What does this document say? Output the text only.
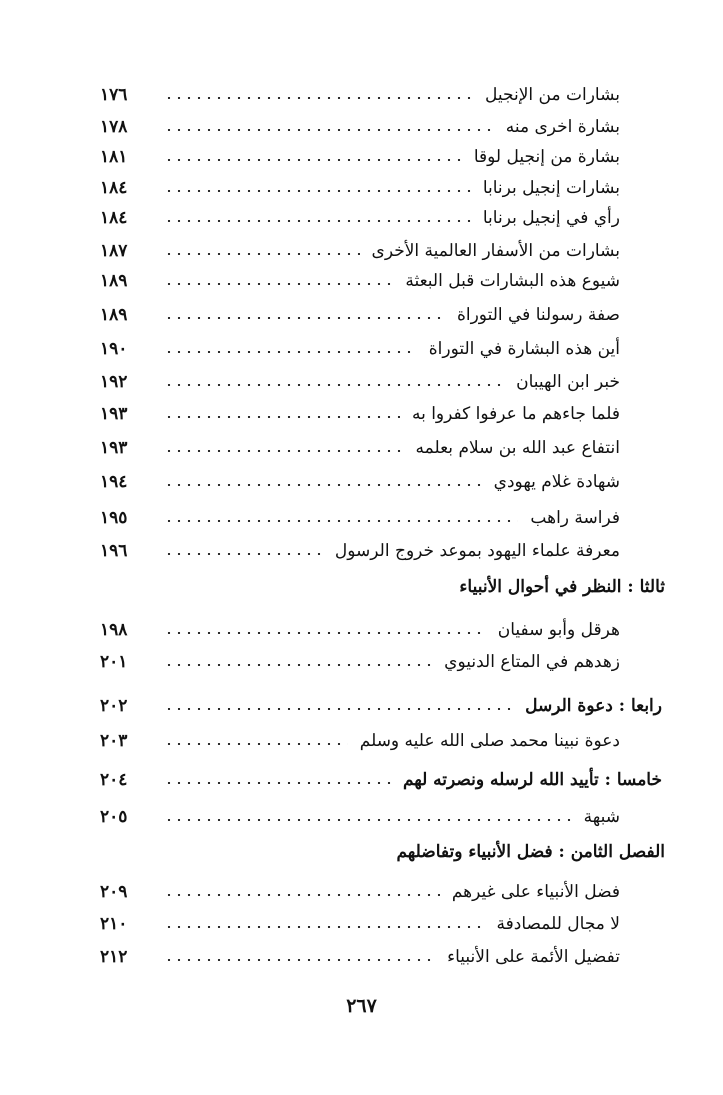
١٧٦	بشارات من الإنجيل
١٧٨	بشارة اخرى منه
١٨١	بشارة من إنجيل لوقا
١٨٤	بشارات إنجيل برنابا
١٨٤	رأي في إنجيل برنابا
١٨٧	بشارات من الأسفار العالمية الأخرى
١٨٩	شيوع هذه البشارات قبل البعثة
١٨٩	صفة رسولنا في التوراة
١٩٠	أين هذه البشارة في التوراة
١٩٢	خبر ابن الهيبان
١٩٣	فلما جاءهم ما عرفوا كفروا به
١٩٣	انتفاع عبد الله بن سلام بعلمه
١٩٤	شهادة غلام يهودي
١٩٥	فراسة راهب
١٩٦	معرفة علماء اليهود بموعد خروج الرسول
ثالثا : النظر في أحوال الأنبياء
١٩٨	هرقل وأبو سفيان
٢٠١	زهدهم في المتاع الدنيوي
٢٠٢	رابعا : دعوة الرسل
٢٠٣	دعوة نبينا محمد صلى الله عليه وسلم
٢٠٤	خامسا : تأييد الله لرسله ونصرته لهم
٢٠٥	شبهة
الفصل الثامن : فضل الأنبياء وتفاضلهم
٢٠٩	فضل الأنبياء على غيرهم
٢١٠	لا مجال للمصادفة
٢١٢	تفضيل الأئمة على الأنبياء
٢٦٧
